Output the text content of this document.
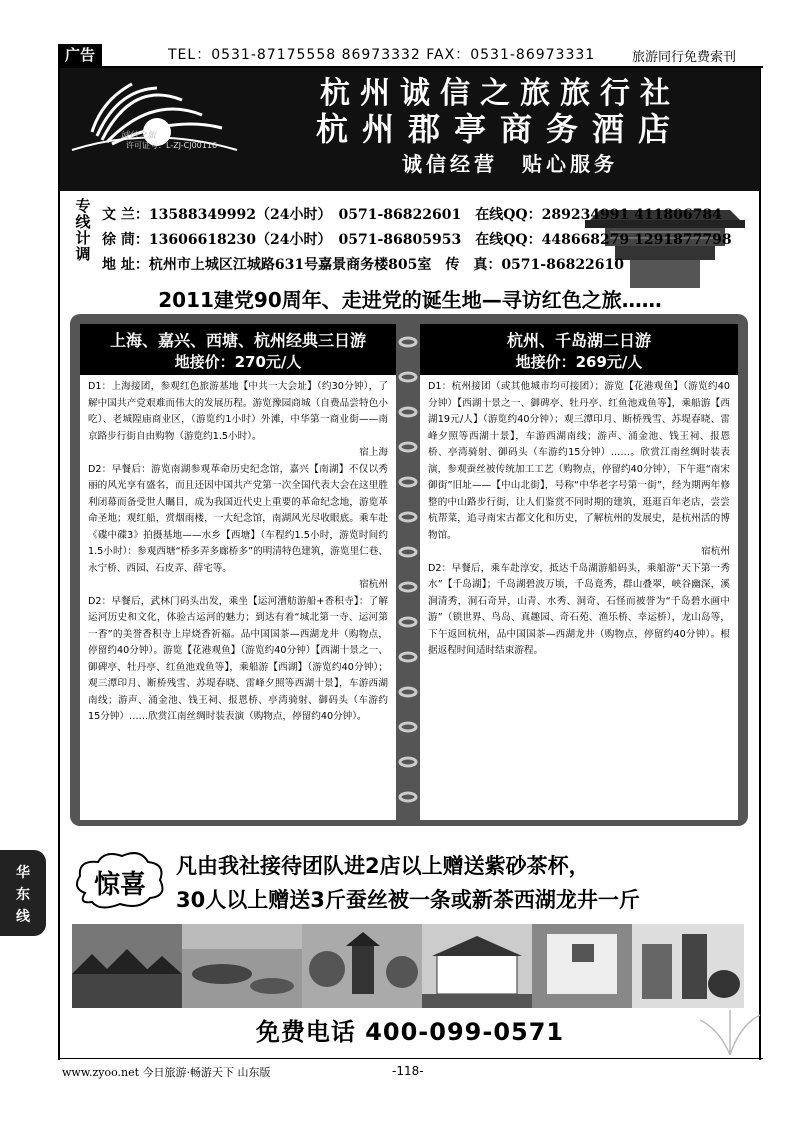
广告	TEL：0531-87175558 86973332 FAX：0531-86973331	旅游同行免费索刊
诚信之旅
许可证号：L-ZJ-CJ00116
杭州诚信之旅旅行社
杭州郡亭商务酒店
诚信经营　贴心服务
专线计调
文 兰：13588349992（24小时）　0571-86822601　在线QQ：289234991 411806784
徐 茼：13606618230（24小时）　0571-86805953　在线QQ：448668279 1291877798
地 址：杭州市上城区江城路631号嘉景商务楼805室　传　真：0571-86822610
2011建党90周年、走进党的诞生地—寻访红色之旅……
上海、嘉兴、西塘、杭州经典三日游
地接价：270元/人

D1：上海接团，参观红色旅游基地【中共一大会址】（约30分钟），了解中国共产党艰难而伟大的发展历程。游览豫园商城（自费品尝特色小吃）、老城隍庙商业区，（游览约1小时）外滩，中华第一商业街——南京路步行街自由购物（游览约1.5小时）。

宿上海

D2：早餐后：游览南湖参观革命历史纪念馆，嘉兴【南湖】不仅以秀丽的风光享有盛名，而且还因中国共产党第一次全国代表大会在这里胜利闭幕而备受世人瞩目，成为我国近代史上重要的革命纪念地，游览革命圣地；观红船，赏烟雨楼，一大纪念馆，南湖风光尽收眼底。乘车赴《碟中碟3》拍摄基地——水乡【西塘】（车程约1.5小时，游览时间约1.5小时）：参观西塘“桥多弄多廊桥多”的明清特色建筑，游览里仁巷、永宁桥、西园、石皮弄、薛宅等。

宿杭州

D2：早餐后，武林门码头出发，乘坐【运河漕舫游船+香积寺】：了解运河历史和文化，体验古运河的魅力；到达有着“城北第一寺、运河第一香”的美誉香积寺上岸烧香祈福。品中国国茶—西湖龙井（购物点，停留约40分钟）。游览【花港观鱼】（游览约40分钟）【西湖十景之一、御碑亭、牡丹亭、红鱼池戏鱼等】，乘船游【西湖】（游览约40分钟）；观三潭印月、断桥残雪、苏堤春晓、雷峰夕照等西湖十景】，车游西湖南线；游声、涌金池、钱王祠、报恩桥、亭湾骑射、御码头（车游约15分钟）……欣赏江南丝绸时装表演（购物点，停留约40分钟）。

杭州、千岛湖二日游
地接价：269元/人

D1：杭州接团（或其他城市均可接团）；游览【花港观鱼】（游览约40分钟）【西湖十景之一、御碑亭、牡丹亭、红鱼池戏鱼等】，乘船游【西湖19元/人】（游览约40分钟）；观三潭印月、断桥残雪、苏堤春晓、雷峰夕照等西湖十景】，车游西湖南线；游声、涌金池、钱王祠、报恩桥、亭湾骑射、御码头（车游约15分钟）……。欣赏江南丝绸时装表演，参观蚕丝被传统加工工艺（购物点，停留约40分钟），下午逛“南宋御街”旧址——【中山北街】，号称“中华老字号第一街”，经为期两年修整的中山路步行街，让人们鉴赏不同时期的建筑，逛逛百年老店，尝尝杭帮菜，追寻南宋古都文化和历史，了解杭州的发展史，是杭州活的博物馆。

宿杭州

D2：早餐后，乘车赴淳安，抵达千岛湖游船码头，乘船游“天下第一秀水”【千岛湖】；千岛湖碧波万顷，千岛竟秀，群山叠翠，峡谷幽深，溪涧清秀，洞石奇异，山青、水秀、洞奇、石怪而被誉为“千岛碧水画中游”（锁世界、鸟岛、真趣园、奇石苑、渔乐桥、幸运桥），龙山岛等，下午返回杭州，品中国国茶—西湖龙井（购物点，停留约40分钟）。根据返程时间适时结束游程。

惊喜
凡由我社接待团队进2店以上赠送紫砂茶杯，
30人以上赠送3斤蚕丝被一条或新茶西湖龙井一斤
免费电话 400-099-0571
www.zyoo.net 今日旅游·畅游天下 山东版	-118-
华
东
线
